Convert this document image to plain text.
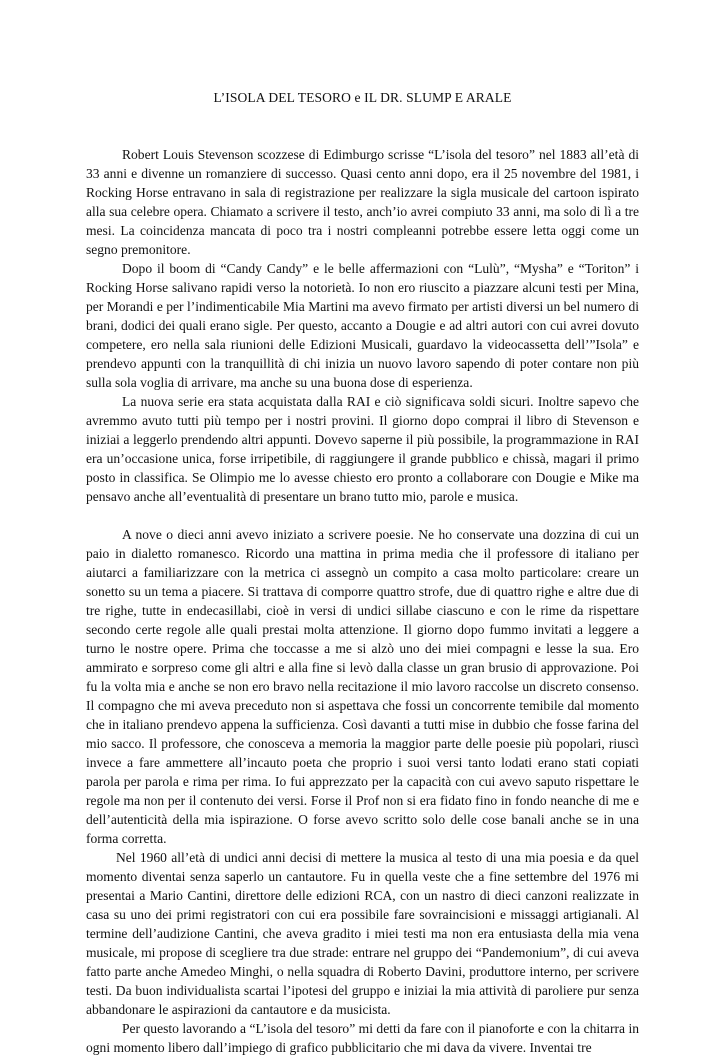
L’ISOLA DEL TESORO e IL DR. SLUMP E ARALE

Robert Louis Stevenson scozzese di Edimburgo scrisse “L’isola del tesoro” nel 1883 all’età di 33 anni e divenne un romanziere di successo. Quasi cento anni dopo, era il 25 novembre del 1981, i Rocking Horse entravano in sala di registrazione per realizzare la sigla musicale del cartoon ispirato alla sua celebre opera. Chiamato a scrivere il testo, anch’io avrei compiuto 33 anni, ma solo di lì a tre mesi. La coincidenza mancata di poco tra i nostri compleanni potrebbe essere letta oggi come un segno premonitore.

Dopo il boom di “Candy Candy” e le belle affermazioni con “Lulù”, “Mysha” e “Toriton” i Rocking Horse salivano rapidi verso la notorietà. Io non ero riuscito a piazzare alcuni testi per Mina, per Morandi e per l’indimenticabile Mia Martini ma avevo firmato per artisti diversi un bel numero di brani, dodici dei quali erano sigle. Per questo, accanto a Dougie e ad altri autori con cui avrei dovuto competere, ero nella sala riunioni delle Edizioni Musicali, guardavo la videocassetta dell’”Isola” e prendevo appunti con la tranquillità di chi inizia un nuovo lavoro sapendo di poter contare non più sulla sola voglia di arrivare, ma anche su una buona dose di esperienza.

La nuova serie era stata acquistata dalla RAI e ciò significava soldi sicuri. Inoltre sapevo che avremmo avuto tutti più tempo per i nostri provini. Il giorno dopo comprai il libro di Stevenson e iniziai a leggerlo prendendo altri appunti. Dovevo saperne il più possibile, la programmazione in RAI era un’occasione unica, forse irripetibile, di raggiungere il grande pubblico e chissà, magari il primo posto in classifica. Se Olimpio me lo avesse chiesto ero pronto a collaborare con Dougie e Mike ma pensavo anche all’eventualità di presentare un brano tutto mio, parole e musica.

A nove o dieci anni avevo iniziato a scrivere poesie. Ne ho conservate una dozzina di cui un paio in dialetto romanesco. Ricordo una mattina in prima media che il professore di italiano per aiutarci a familiarizzare con la metrica ci assegnò un compito a casa molto particolare: creare un sonetto su un tema a piacere. Si trattava di comporre quattro strofe, due di quattro righe e altre due di tre righe, tutte in endecasillabi, cioè in versi di undici sillabe ciascuno e con le rime da rispettare secondo certe regole alle quali prestai molta attenzione. Il giorno dopo fummo invitati a leggere a turno le nostre opere. Prima che toccasse a me si alzò uno dei miei compagni e lesse la sua. Ero ammirato e sorpreso come gli altri e alla fine si levò dalla classe un gran brusio di approvazione. Poi fu la volta mia e anche se non ero bravo nella recitazione il mio lavoro raccolse un discreto consenso. Il compagno che mi aveva preceduto non si aspettava che fossi un concorrente temibile dal momento che in italiano prendevo appena la sufficienza. Così davanti a tutti mise in dubbio che fosse farina del mio sacco. Il professore, che conosceva a memoria la maggior parte delle poesie più popolari, riuscì invece a fare ammettere all’incauto poeta che proprio i suoi versi tanto lodati erano stati copiati parola per parola e rima per rima. Io fui apprezzato per la capacità con cui avevo saputo rispettare le regole ma non per il contenuto dei versi. Forse il Prof non si era fidato fino in fondo neanche di me e dell’autenticità della mia ispirazione. O forse avevo scritto solo delle cose banali anche se in una forma corretta.

Nel 1960 all’età di undici anni decisi di mettere la musica al testo di una mia poesia e da quel momento diventai senza saperlo un cantautore. Fu in quella veste che a fine settembre del 1976 mi presentai a Mario Cantini, direttore delle edizioni RCA, con un nastro di dieci canzoni realizzate in casa su uno dei primi registratori con cui era possibile fare sovraincisioni e missaggi artigianali. Al termine dell’audizione Cantini, che aveva gradito i miei testi ma non era entusiasta della mia vena musicale, mi propose di scegliere tra due strade: entrare nel gruppo dei “Pandemonium”, di cui aveva fatto parte anche Amedeo Minghi, o nella squadra di Roberto Davini, produttore interno, per scrivere testi. Da buon individualista scartai l’ipotesi del gruppo e iniziai la mia attività di paroliere pur senza abbandonare le aspirazioni da cantautore e da musicista.

Per questo lavorando a “L’isola del tesoro” mi detti da fare con il pianoforte e con la chitarra in ogni momento libero dall’impiego di grafico pubblicitario che mi dava da vivere. Inventai tre
